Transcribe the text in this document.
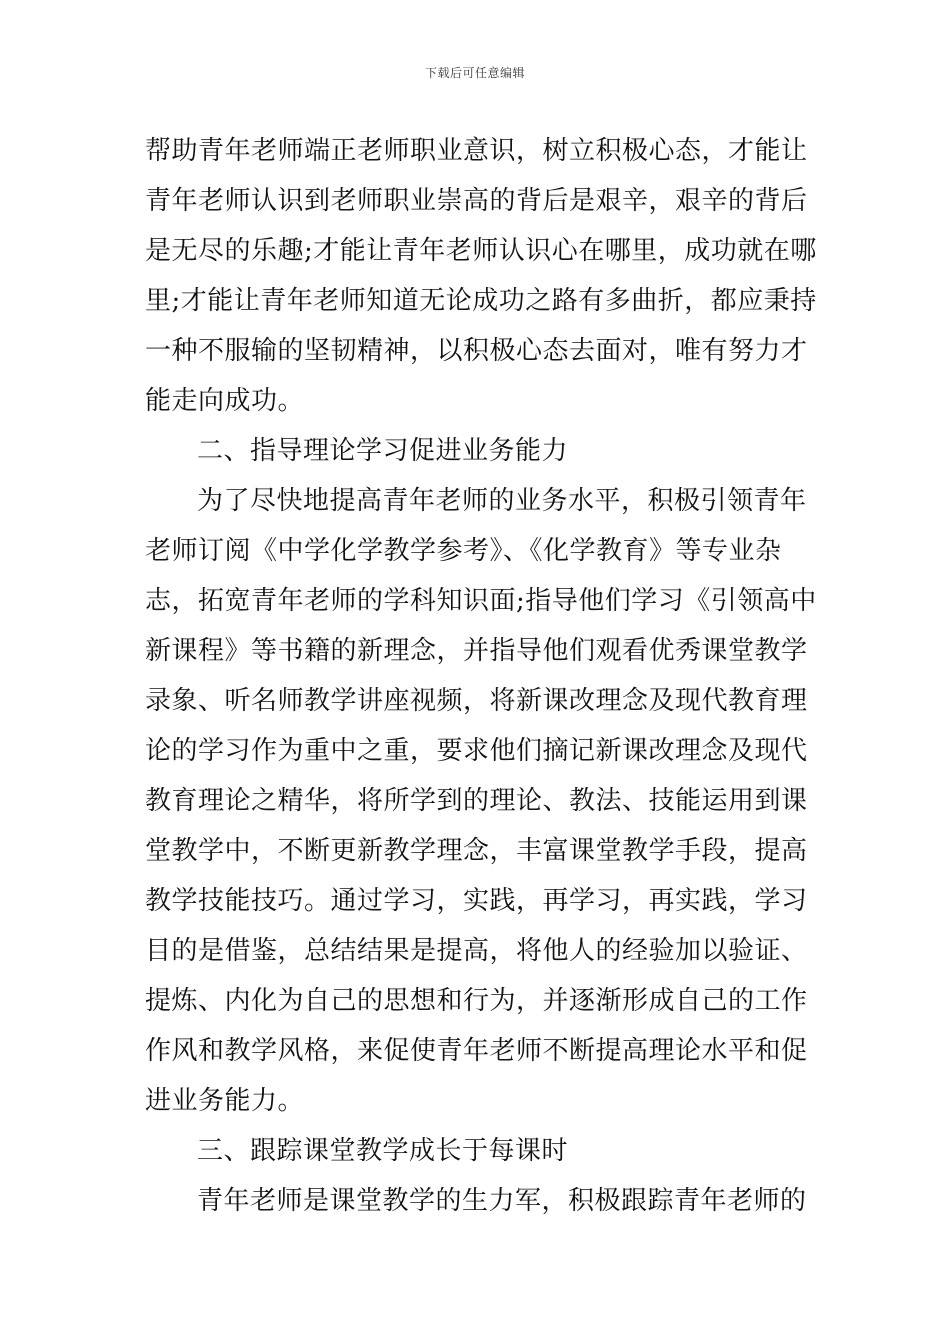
下载后可任意编辑
帮助青年老师端正老师职业意识，树立积极心态，才能让
青年老师认识到老师职业崇高的背后是艰辛，艰辛的背后
是无尽的乐趣;才能让青年老师认识心在哪里，成功就在哪
里;才能让青年老师知道无论成功之路有多曲折，都应秉持
一种不服输的坚韧精神，以积极心态去面对，唯有努力才
能走向成功。
二、指导理论学习促进业务能力
为了尽快地提高青年老师的业务水平，积极引领青年
老师订阅《中学化学教学参考》、《化学教育》等专业杂
志，拓宽青年老师的学科知识面;指导他们学习《引领高中
新课程》等书籍的新理念，并指导他们观看优秀课堂教学
录象、听名师教学讲座视频，将新课改理念及现代教育理
论的学习作为重中之重，要求他们摘记新课改理念及现代
教育理论之精华，将所学到的理论、教法、技能运用到课
堂教学中，不断更新教学理念，丰富课堂教学手段，提高
教学技能技巧。通过学习，实践，再学习，再实践，学习
目的是借鉴，总结结果是提高，将他人的经验加以验证、
提炼、内化为自己的思想和行为，并逐渐形成自己的工作
作风和教学风格，来促使青年老师不断提高理论水平和促
进业务能力。
三、跟踪课堂教学成长于每课时
青年老师是课堂教学的生力军，积极跟踪青年老师的
